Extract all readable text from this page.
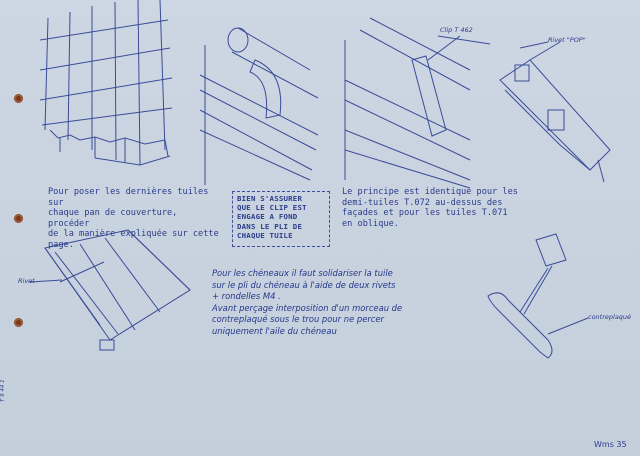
Pour poser les dernières tuiles sur
chaque pan de couverture, procéder
de la manière expliquée sur cette
page.
BIEN S'ASSURER
QUE LE CLIP EST
ENGAGE A FOND
DANS LE PLI DE
CHAQUE TUILE
Le principe est identique pour les
demi-tuiles T.072 au-dessus des
façades et pour les tuiles T.071
en oblique.
Pour les chéneaux il faut solidariser la tuile
sur le pli du chéneau à l'aide de deux rivets
+ rondelles M4 .
Avant perçage interposition d'un morceau de
contreplaqué sous le trou pour ne percer
uniquement l'aile du chéneau
Clip T 462
Rivet "POP"
Rivet
contreplaqué
Wms 35
T 9 44 1
